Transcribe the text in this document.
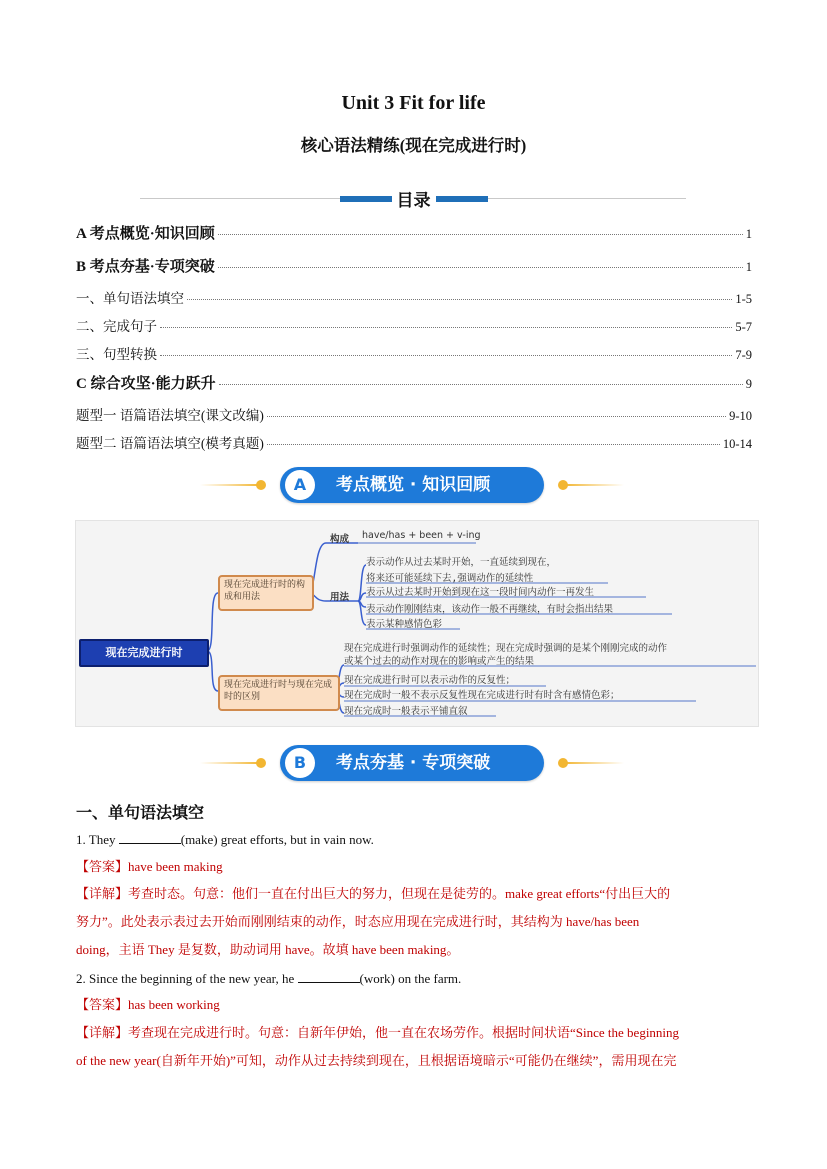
Unit 3 Fit for life
核心语法精练(现在完成进行时)
目录
A 考点概览·知识回顾	1
B 考点夯基·专项突破	1
一、单句语法填空	1-5
二、完成句子	5-7
三、句型转换	7-9
C 综合攻坚·能力跃升	9
题型一 语篇语法填空(课文改编)	9-10
题型二 语篇语法填空(模考真题)	10-14
A	考点概览 · 知识回顾
现在完成进行时
现在完成进行时的构成和用法
现在完成进行时与现在完成时的区别
构成 have/has + been + v-ing
用法
表示动作从过去某时开始，一直延续到现在，
将来还可能延续下去,强调动作的延续性
表示从过去某时开始到现在这一段时间内动作一再发生
表示动作刚刚结束，该动作一般不再继续，有时会指出结果
表示某种感情色彩
现在完成进行时强调动作的延续性；现在完成时强调的是某个刚刚完成的动作
或某个过去的动作对现在的影响或产生的结果
现在完成进行时可以表示动作的反复性；
现在完成时一般不表示反复性现在完成进行时有时含有感情色彩；
现在完成时一般表示平铺直叙
B	考点夯基 · 专项突破
一、单句语法填空
1. They	(make) great efforts, but in vain now.
【答案】have been making
【详解】考查时态。句意：他们一直在付出巨大的努力，但现在是徒劳的。make great efforts“付出巨大的
努力”。此处表示表过去开始而刚刚结束的动作，时态应用现在完成进行时，其结构为 have/has been
doing，主语 They 是复数，助动词用 have。故填 have been making。
2. Since the beginning of the new year, he	(work) on the farm.
【答案】has been working
【详解】考查现在完成进行时。句意：自新年伊始，他一直在农场劳作。根据时间状语“Since the beginning
of the new year(自新年开始)”可知，动作从过去持续到现在，且根据语境暗示“可能仍在继续”，需用现在完
